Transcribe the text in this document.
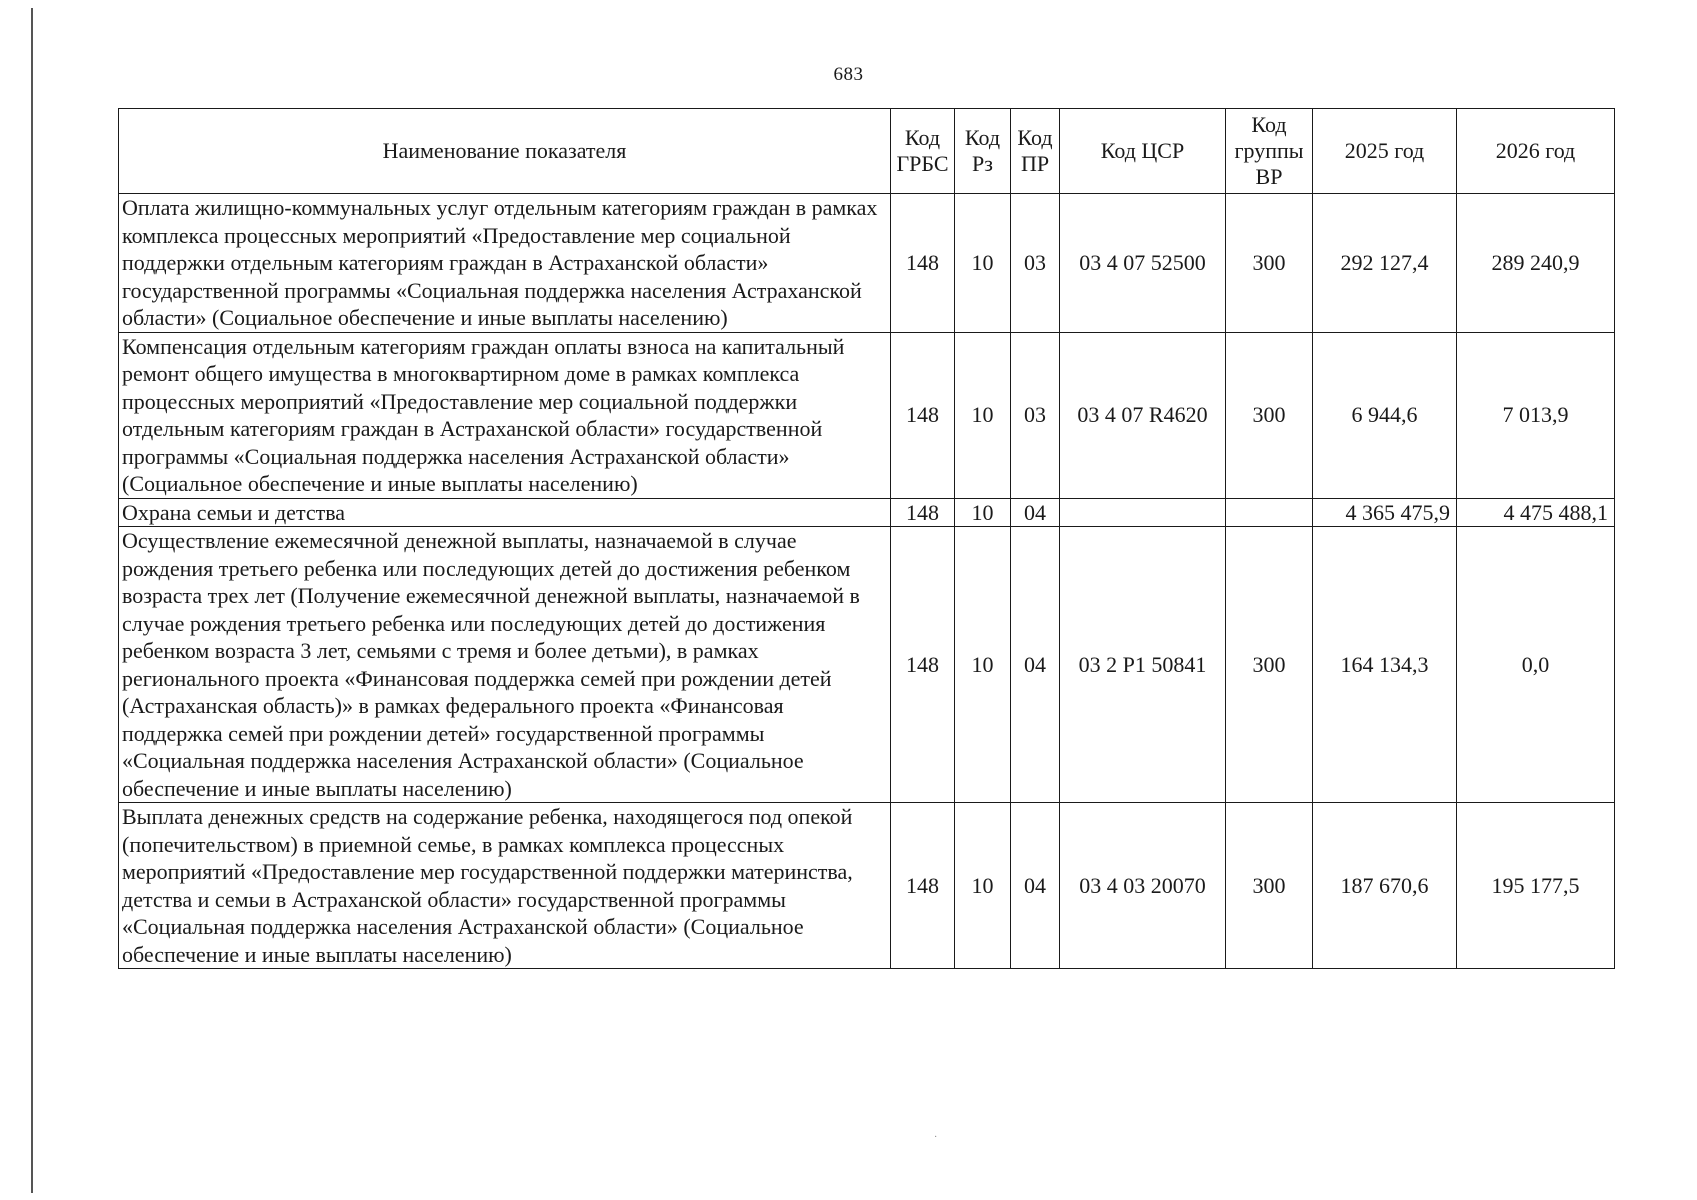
683
Наименование показателя	Код ГРБС	Код Рз	Код ПР	Код ЦСР	Код группы ВР	2025 год	2026 год
Оплата жилищно-коммунальных услуг отдельным категориям граждан в рамках комплекса процессных мероприятий «Предоставление мер социальной поддержки отдельным категориям граждан в Астраханской области» государственной программы «Социальная поддержка населения Астраханской области» (Социальное обеспечение и иные выплаты населению)	148	10	03	03 4 07 52500	300	292 127,4	289 240,9
Компенсация отдельным категориям граждан оплаты взноса на капитальный ремонт общего имущества в многоквартирном доме в рамках комплекса процессных мероприятий «Предоставление мер социальной поддержки отдельным категориям граждан в Астраханской области» государственной программы «Социальная поддержка населения Астраханской области» (Социальное обеспечение и иные выплаты населению)	148	10	03	03 4 07 R4620	300	6 944,6	7 013,9
Охрана семьи и детства	148	10	04			4 365 475,9	4 475 488,1
Осуществление ежемесячной денежной выплаты, назначаемой в случае рождения третьего ребенка или последующих детей до достижения ребенком возраста трех лет (Получение ежемесячной денежной выплаты, назначаемой в случае рождения третьего ребенка или последующих детей до достижения ребенком возраста 3 лет, семьями с тремя и более детьми), в рамках регионального проекта «Финансовая поддержка семей при рождении детей (Астраханская область)» в рамках федерального проекта «Финансовая поддержка семей при рождении детей» государственной программы «Социальная поддержка населения Астраханской области» (Социальное обеспечение и иные выплаты населению)	148	10	04	03 2 P1 50841	300	164 134,3	0,0
Выплата денежных средств на содержание ребенка, находящегося под опекой (попечительством) в приемной семье, в рамках комплекса процессных мероприятий «Предоставление мер государственной поддержки материнства, детства и семьи в Астраханской области» государственной программы «Социальная поддержка населения Астраханской области» (Социальное обеспечение и иные выплаты населению)	148	10	04	03 4 03 20070	300	187 670,6	195 177,5
·
